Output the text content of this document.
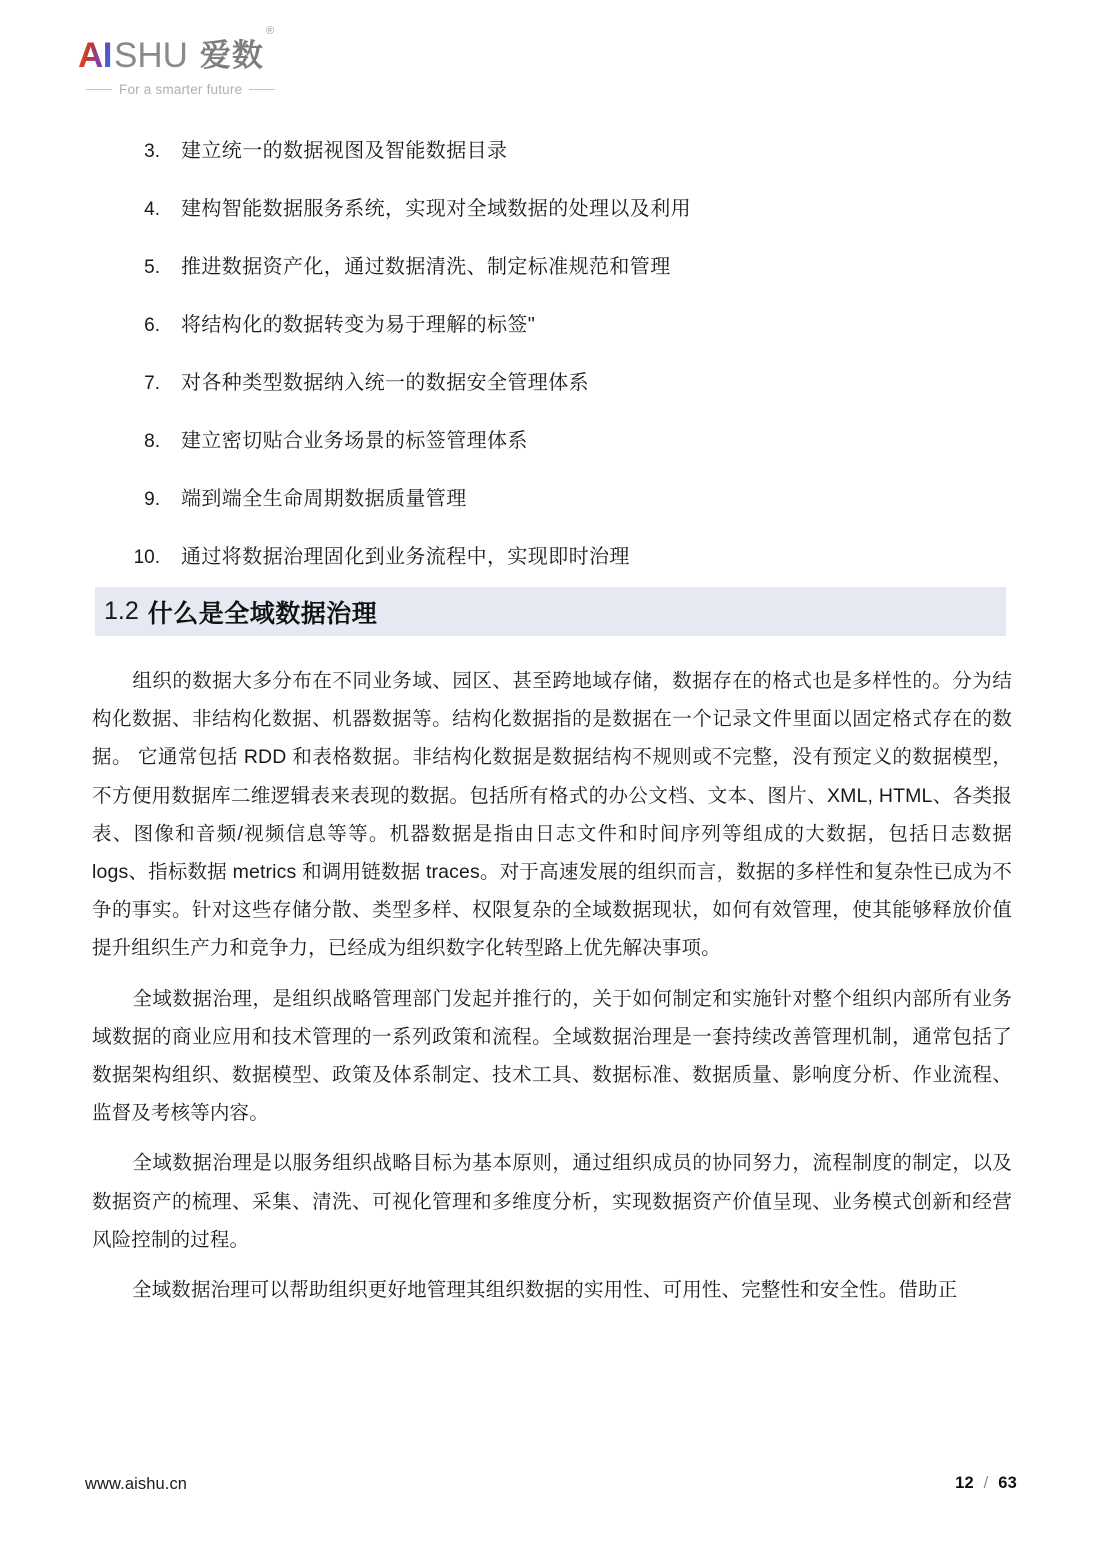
AI SHU 爱数
®
For a smarter future
3. 建立统一的数据视图及智能数据目录
4. 建构智能数据服务系统，实现对全域数据的处理以及利用
5. 推进数据资产化，通过数据清洗、制定标准规范和管理
6. 将结构化的数据转变为易于理解的标签"
7. 对各种类型数据纳入统一的数据安全管理体系
8. 建立密切贴合业务场景的标签管理体系
9. 端到端全生命周期数据质量管理
10. 通过将数据治理固化到业务流程中，实现即时治理
1.2 什么是全域数据治理

组织的数据大多分布在不同业务域、园区、甚至跨地域存储，数据存在的格式也是多样性的。分为结构化数据、非结构化数据、机器数据等。结构化数据指的是数据在一个记录文件里面以固定格式存在的数据。 它通常包括 RDD 和表格数据。非结构化数据是数据结构不规则或不完整，没有预定义的数据模型，不方便用数据库二维逻辑表来表现的数据。包括所有格式的办公文档、文本、图片、XML, HTML、各类报表、图像和音频/视频信息等等。机器数据是指由日志文件和时间序列等组成的大数据，包括日志数据 logs、指标数据 metrics 和调用链数据 traces。对于高速发展的组织而言，数据的多样性和复杂性已成为不争的事实。针对这些存储分散、类型多样、权限复杂的全域数据现状，如何有效管理，使其能够释放价值提升组织生产力和竞争力，已经成为组织数字化转型路上优先解决事项。

全域数据治理，是组织战略管理部门发起并推行的，关于如何制定和实施针对整个组织内部所有业务域数据的商业应用和技术管理的一系列政策和流程。全域数据治理是一套持续改善管理机制，通常包括了数据架构组织、数据模型、政策及体系制定、技术工具、数据标准、数据质量、影响度分析、作业流程、监督及考核等内容。

全域数据治理是以服务组织战略目标为基本原则，通过组织成员的协同努力，流程制度的制定，以及数据资产的梳理、采集、清洗、可视化管理和多维度分析，实现数据资产价值呈现、业务模式创新和经营风险控制的过程。

全域数据治理可以帮助组织更好地管理其组织数据的实用性、可用性、完整性和安全性。借助正

www.aishu.cn	12 / 63
